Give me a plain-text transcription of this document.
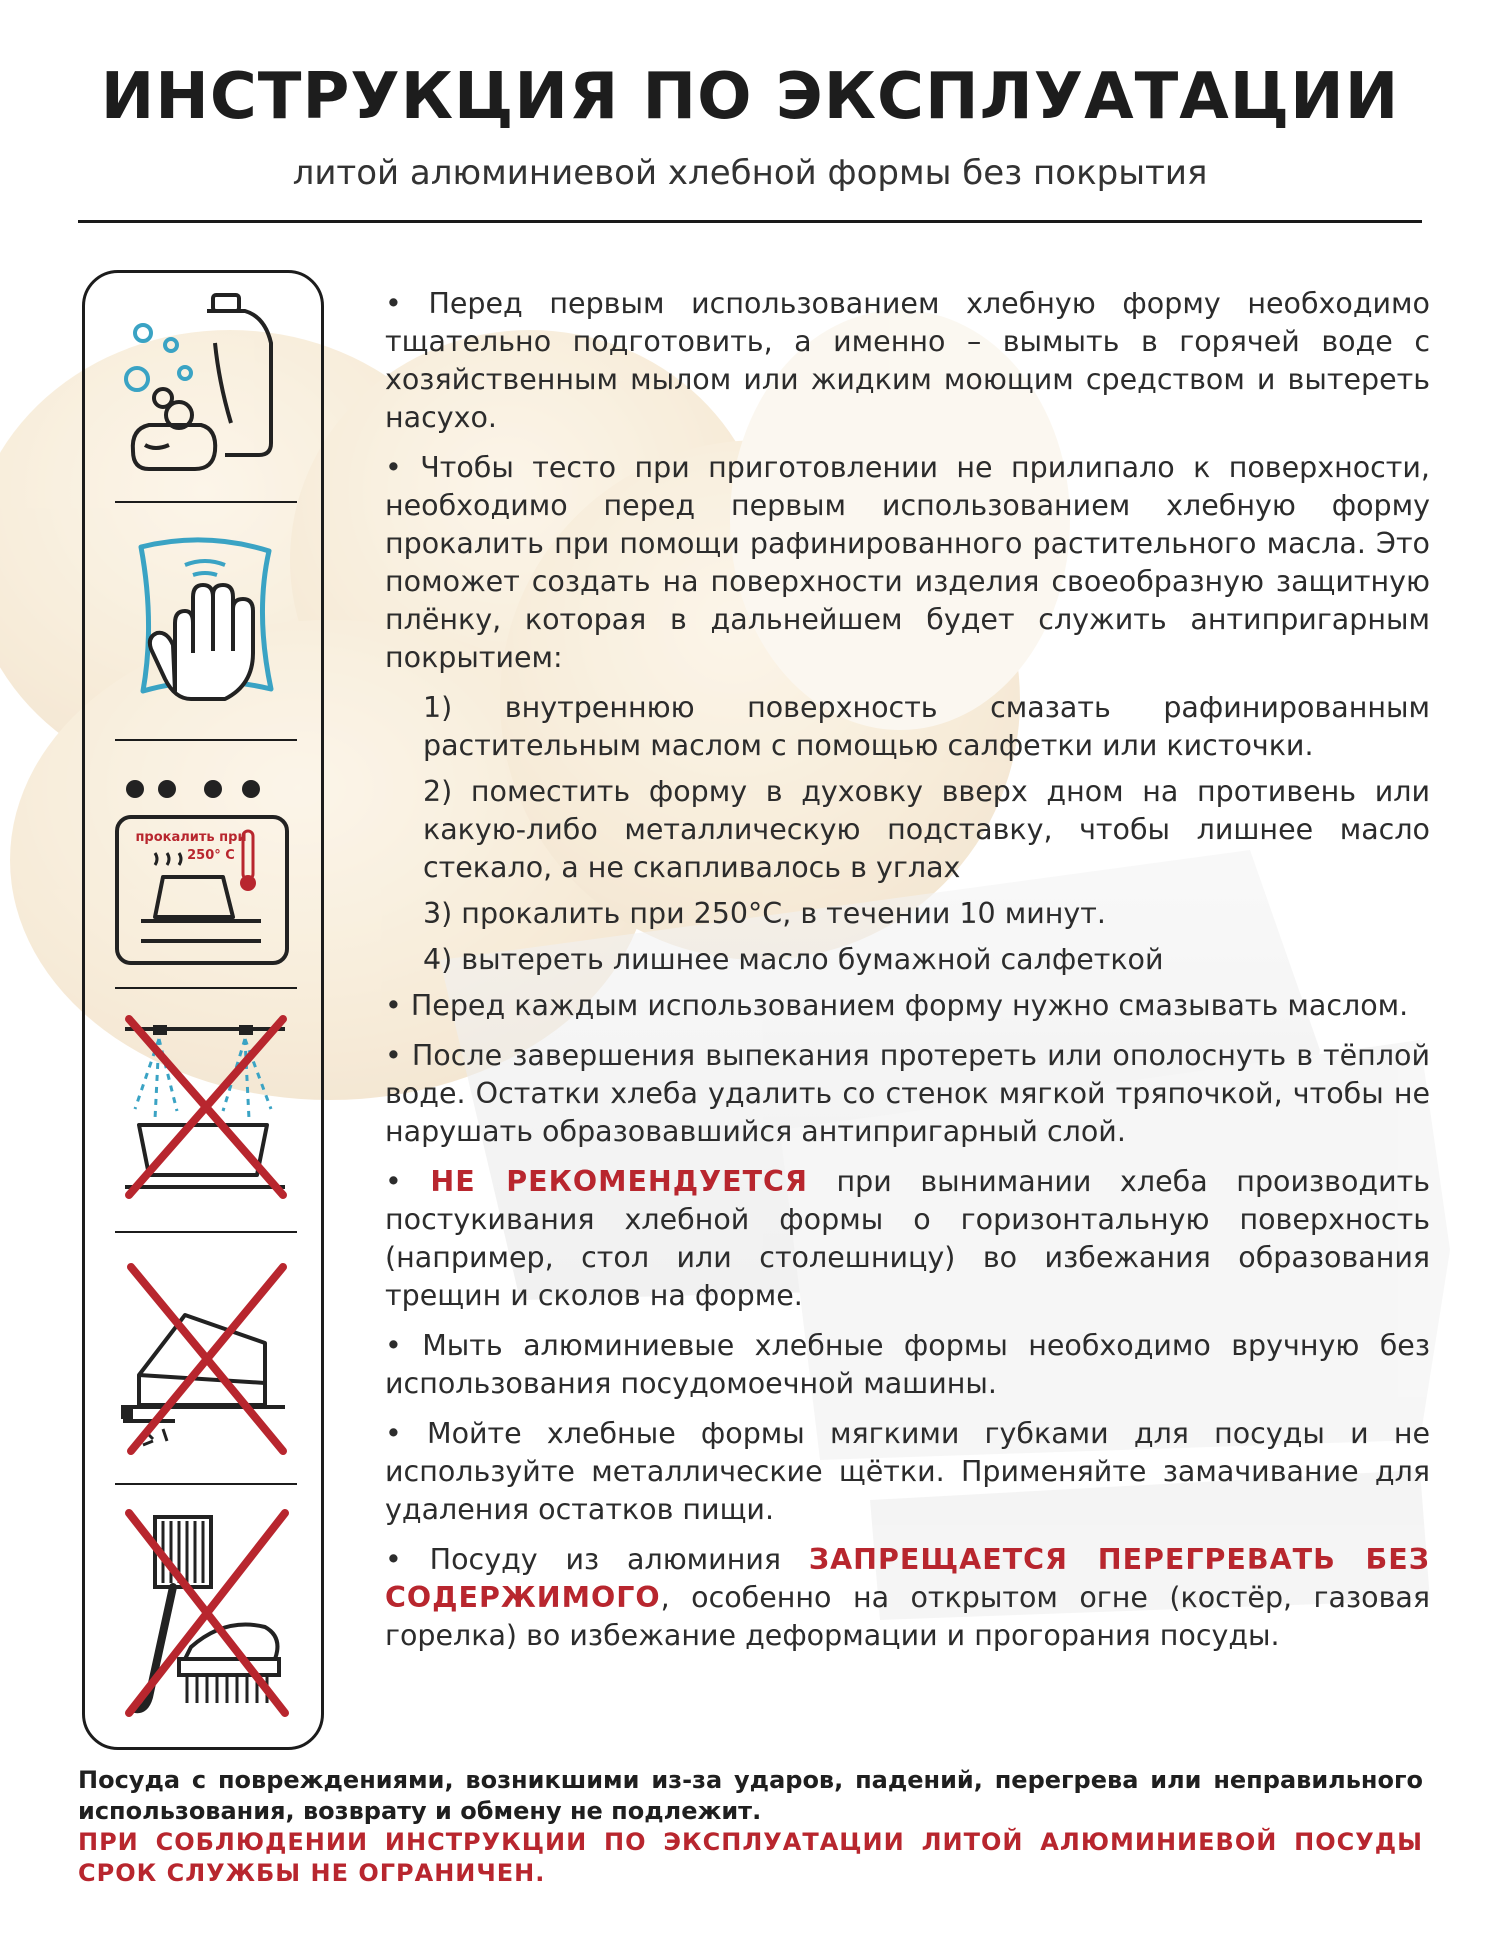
ИНСТРУКЦИЯ ПО ЭКСПЛУАТАЦИИ
литой алюминиевой хлебной формы без покрытия
прокалить при
250° С

• Перед первым использованием хлебную форму необходимо тщательно подготовить, а именно – вымыть в горячей воде с хозяйственным мылом или жидким моющим средством и вытереть насухо.

• Чтобы тесто при приготовлении не прилипало к поверхности, необходимо перед первым использованием хлебную форму прокалить при помощи рафинированного растительного масла. Это поможет создать на поверхности изделия своеобразную защитную плёнку, которая в дальнейшем будет служить антипригарным покрытием:

1) внутреннюю поверхность смазать рафинированным растительным маслом с помощью салфетки или кисточки.

2) поместить форму в духовку вверх дном на противень или какую-либо металлическую подставку, чтобы лишнее масло стекало, а не скапливалось в углах

3) прокалить при 250°С, в течении 10 минут.

4) вытереть лишнее масло бумажной салфеткой

• Перед каждым использованием форму нужно смазывать маслом.

• После завершения выпекания протереть или ополоснуть в тёплой воде. Остатки хлеба удалить со стенок мягкой тряпочкой, чтобы не нарушать образовавшийся антипригарный слой.

• НЕ РЕКОМЕНДУЕТСЯ при вынимании хлеба производить постукивания хлебной формы о горизонтальную поверхность (например, стол или столешницу) во избежания образования трещин и сколов на форме.

• Мыть алюминиевые хлебные формы необходимо вручную без использования посудомоечной машины.

• Мойте хлебные формы мягкими губками для посуды и не используйте металлические щётки. Применяйте замачивание для удаления остатков пищи.

• Посуду из алюминия ЗАПРЕЩАЕТСЯ ПЕРЕГРЕВАТЬ БЕЗ СОДЕРЖИМОГО, особенно на открытом огне (костёр, газовая горелка) во избежание деформации и прогорания посуды.

Посуда с повреждениями, возникшими из-за ударов, падений, перегрева или неправильного использования, возврату и обмену не подлежит.

ПРИ СОБЛЮДЕНИИ ИНСТРУКЦИИ ПО ЭКСПЛУАТАЦИИ ЛИТОЙ АЛЮМИНИЕВОЙ ПОСУДЫ СРОК СЛУЖБЫ НЕ ОГРАНИЧЕН.
